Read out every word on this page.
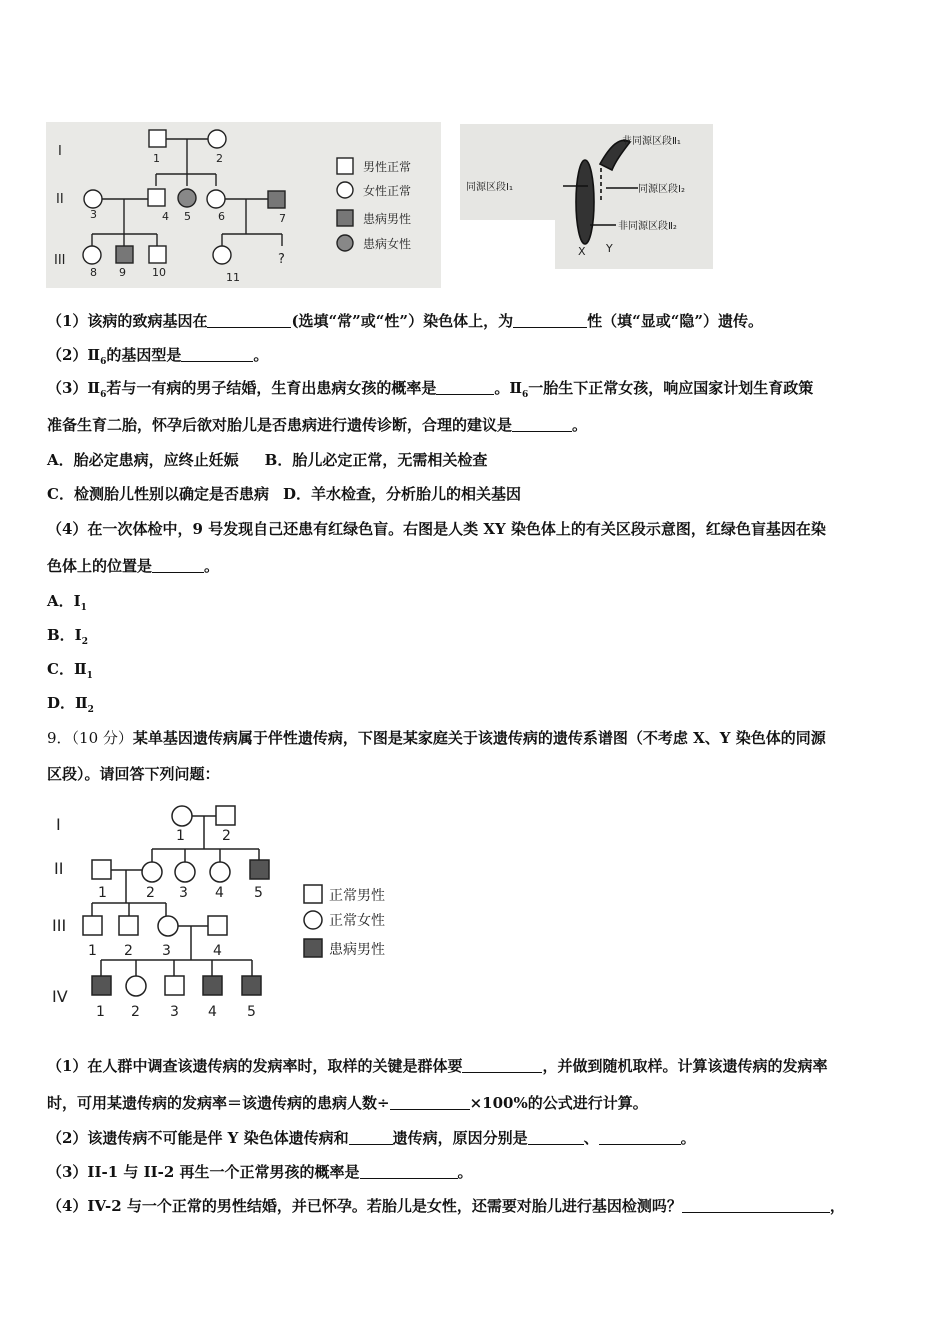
I
II
III
1	2
3	4 5 6	7
8 9 10	11
?
男性正常
女性正常
患病男性
患病女性
非同源区段Ⅱ₁
同源区段Ⅰ₁	同源区段Ⅰ₂
非同源区段Ⅱ₂
X Y
（1）该病的致病基因在	(选填“常”或“性”）染色体上，为	性（填“显或“隐”）遗传。
$(2)Ⅱ_6$的基因型是	。
$(3)Ⅱ_6$若与一有病的男子结婚，生育出患病女孩的概率是	。$Ⅱ_6$一胎生下正常女孩，响应国家计划生育政策
准备生育二胎，怀孕后欲对胎儿是否患病进行遗传诊断，合理的建议是	。
A．胎必定患病，应终止妊娠 B．胎儿必定正常，无需相关检查
C．检测胎儿性别以确定是否患病 D．羊水检查，分析胎儿的相关基因
（4）在一次体检中，9 号发现自己还患有红绿色盲。右图是人类 XY 染色体上的有关区段示意图，红绿色盲基因在染
色体上的位置是	。
A．$I_1$
B．$I_2$
C．$Ⅱ_1$
D．$Ⅱ_2$
9．（10 分）某单基因遗传病属于伴性遗传病，下图是某家庭关于该遗传病的遗传系谱图（不考虑 X、Y 染色体的同源
区段）。请回答下列问题：
I
II
III
IV
1	2
1	2 3 4 5
1 2 3	4
1 2 3 4 5
正常男性
正常女性
患病男性
（1）在人群中调查该遗传病的发病率时，取样的关键是群体要	，并做到随机取样。计算该遗传病的发病率
时，可用某遗传病的发病率＝该遗传病的患病人数÷	×100%的公式进行计算。
（2）该遗传病不可能是伴 Y 染色体遗传病和	遗传病，原因分别是	、	。
（3）II-1 与 II-2 再生一个正常男孩的概率是	。
（4）IV-2 与一个正常的男性结婚，并已怀孕。若胎儿是女性，还需要对胎儿进行基因检测吗？	，
